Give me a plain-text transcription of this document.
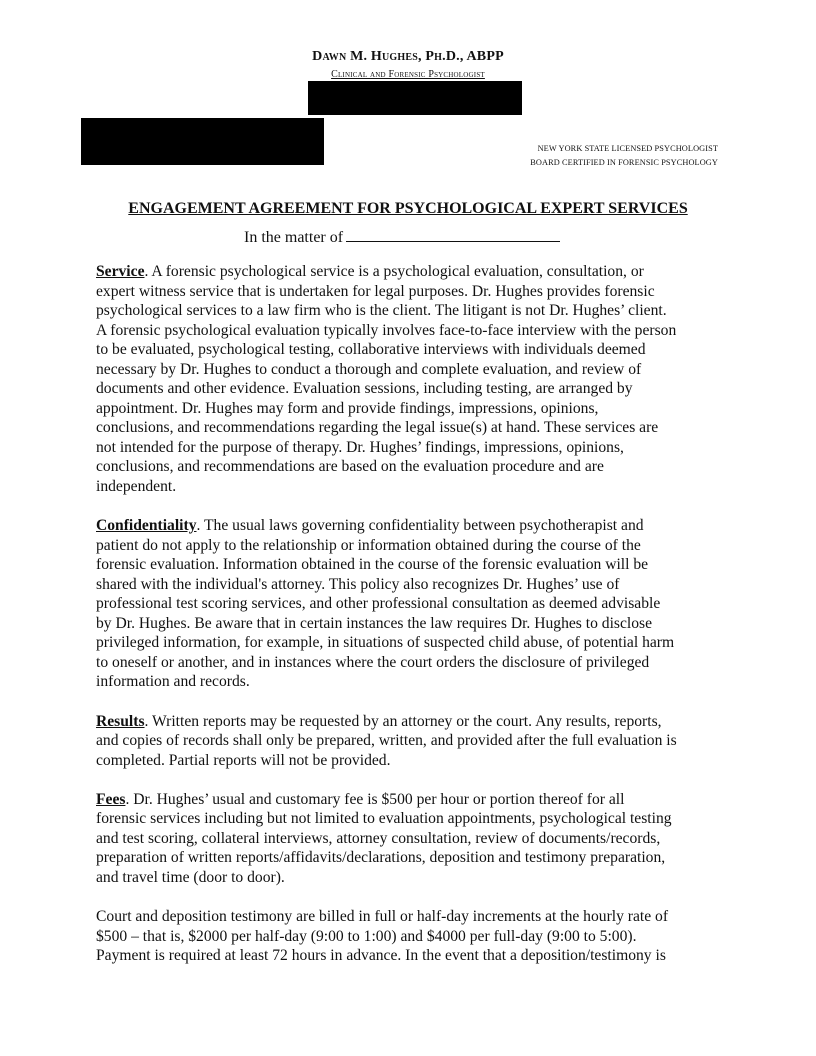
Dawn M. Hughes, Ph.D., ABPP
Clinical and Forensic Psychologist
NEW YORK STATE LICENSED PSYCHOLOGIST
BOARD CERTIFIED IN FORENSIC PSYCHOLOGY
ENGAGEMENT AGREEMENT FOR PSYCHOLOGICAL EXPERT SERVICES
In the matter of

Service. A forensic psychological service is a psychological evaluation, consultation, or
expert witness service that is undertaken for legal purposes. Dr. Hughes provides forensic
psychological services to a law firm who is the client. The litigant is not Dr. Hughes’ client.
A forensic psychological evaluation typically involves face-to-face interview with the person
to be evaluated, psychological testing, collaborative interviews with individuals deemed
necessary by Dr. Hughes to conduct a thorough and complete evaluation, and review of
documents and other evidence. Evaluation sessions, including testing, are arranged by
appointment. Dr. Hughes may form and provide findings, impressions, opinions,
conclusions, and recommendations regarding the legal issue(s) at hand. These services are
not intended for the purpose of therapy. Dr. Hughes’ findings, impressions, opinions,
conclusions, and recommendations are based on the evaluation procedure and are
independent.

Confidentiality. The usual laws governing confidentiality between psychotherapist and
patient do not apply to the relationship or information obtained during the course of the
forensic evaluation. Information obtained in the course of the forensic evaluation will be
shared with the individual's attorney. This policy also recognizes Dr. Hughes’ use of
professional test scoring services, and other professional consultation as deemed advisable
by Dr. Hughes. Be aware that in certain instances the law requires Dr. Hughes to disclose
privileged information, for example, in situations of suspected child abuse, of potential harm
to oneself or another, and in instances where the court orders the disclosure of privileged
information and records.

Results. Written reports may be requested by an attorney or the court. Any results, reports,
and copies of records shall only be prepared, written, and provided after the full evaluation is
completed. Partial reports will not be provided.

Fees. Dr. Hughes’ usual and customary fee is $500 per hour or portion thereof for all
forensic services including but not limited to evaluation appointments, psychological testing
and test scoring, collateral interviews, attorney consultation, review of documents/records,
preparation of written reports/affidavits/declarations, deposition and testimony preparation,
and travel time (door to door).

Court and deposition testimony are billed in full or half-day increments at the hourly rate of
$500 – that is, $2000 per half-day (9:00 to 1:00) and $4000 per full-day (9:00 to 5:00).
Payment is required at least 72 hours in advance. In the event that a deposition/testimony is
